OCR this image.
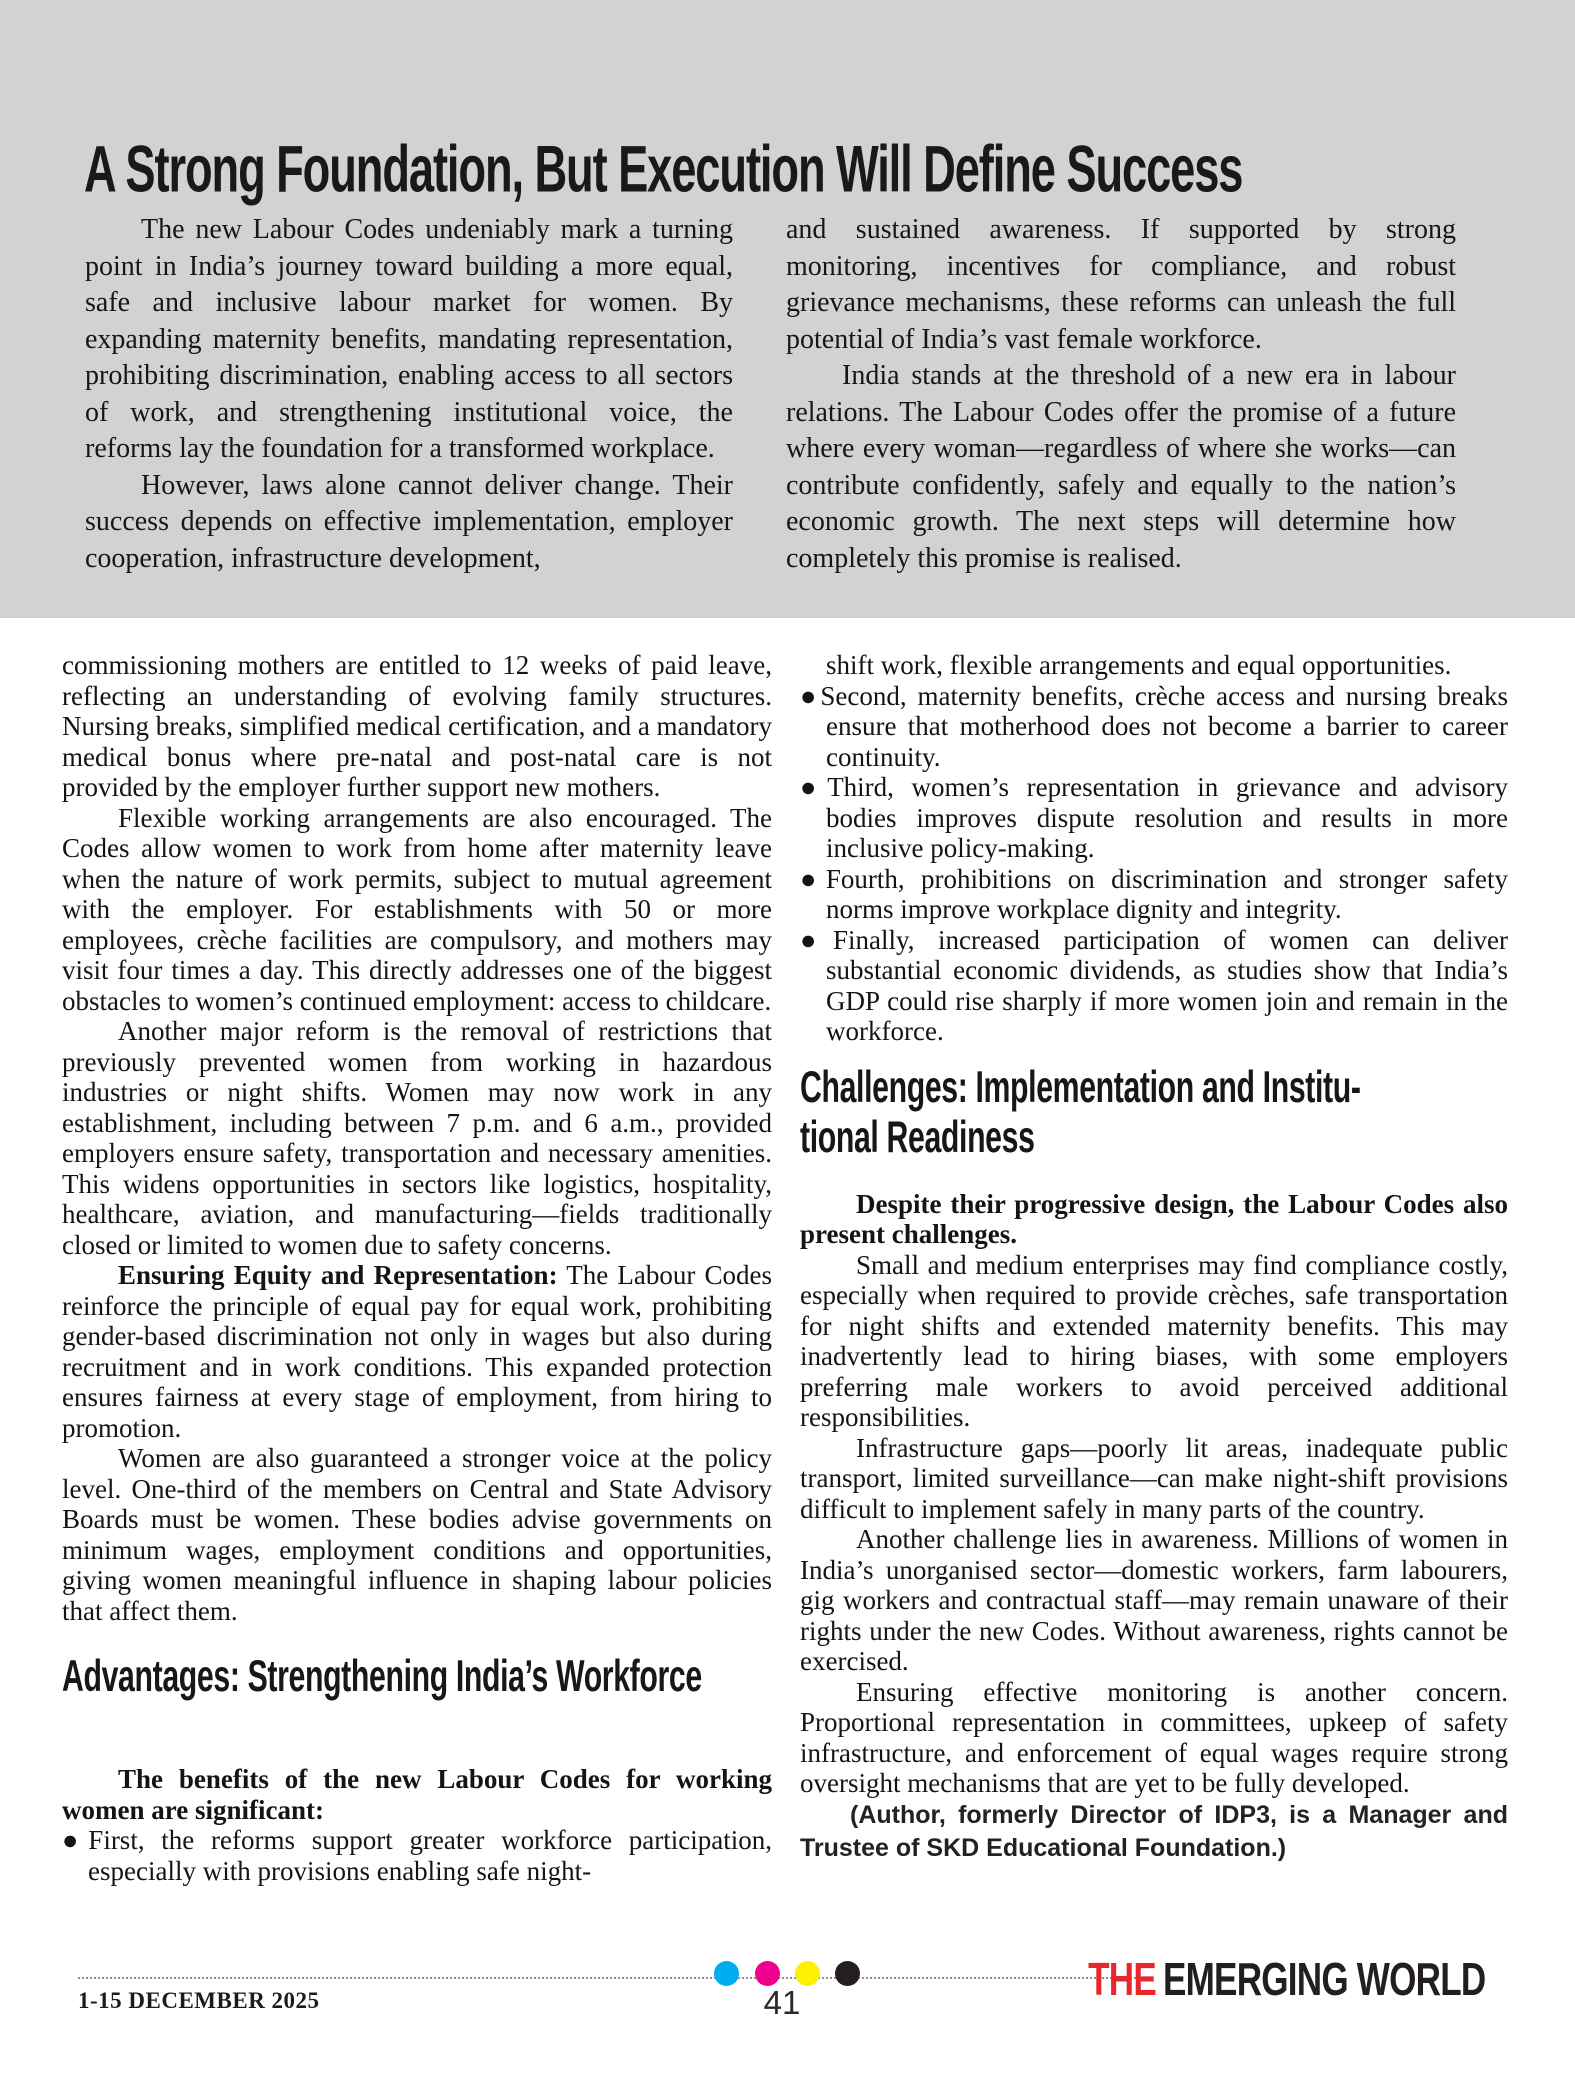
A Strong Foundation, But Execution Will Define Success

The new Labour Codes undeniably mark a turning point in India’s journey toward building a more equal, safe and inclusive labour market for women. By expanding maternity benefits, mandating representation, prohibiting discrimination, enabling access to all sectors of work, and strengthening institutional voice, the reforms lay the foundation for a transformed workplace.

However, laws alone cannot deliver change. Their success depends on effective implementation, employer cooperation, infrastructure development,

and sustained awareness. If supported by strong monitoring, incentives for compliance, and robust grievance mechanisms, these reforms can unleash the full potential of India’s vast female workforce.

India stands at the threshold of a new era in labour relations. The Labour Codes offer the promise of a future where every woman—regardless of where she works—can contribute confidently, safely and equally to the nation’s economic growth. The next steps will determine how completely this promise is realised.

commissioning mothers are entitled to 12 weeks of paid leave, reflecting an understanding of evolving family structures. Nursing breaks, simplified medical certification, and a mandatory medical bonus where pre-natal and post-natal care is not provided by the employer further support new mothers.

Flexible working arrangements are also encouraged. The Codes allow women to work from home after maternity leave when the nature of work permits, subject to mutual agreement with the employer. For establishments with 50 or more employees, crèche facilities are compulsory, and mothers may visit four times a day. This directly addresses one of the biggest obstacles to women’s continued employment: access to childcare.

Another major reform is the removal of restrictions that previously prevented women from working in hazardous industries or night shifts. Women may now work in any establishment, including between 7 p.m. and 6 a.m., provided employers ensure safety, transportation and necessary amenities. This widens opportunities in sectors like logistics, hospitality, healthcare, aviation, and manufacturing—fields traditionally closed or limited to women due to safety concerns.

Ensuring Equity and Representation: The Labour Codes reinforce the principle of equal pay for equal work, prohibiting gender-based discrimination not only in wages but also during recruitment and in work conditions. This expanded protection ensures fairness at every stage of employment, from hiring to promotion.

Women are also guaranteed a stronger voice at the policy level. One-third of the members on Central and State Advisory Boards must be women. These bodies advise governments on minimum wages, employment conditions and opportunities, giving women meaningful influence in shaping labour policies that affect them.

Advantages: Strengthening India’s Workforce

The benefits of the new Labour Codes for working women are significant:

●First, the reforms support greater workforce participation, especially with provisions enabling safe night-

shift work, flexible arrangements and equal opportunities.

●Second, maternity benefits, crèche access and nursing breaks ensure that motherhood does not become a barrier to career continuity.

●Third, women’s representation in grievance and advisory bodies improves dispute resolution and results in more inclusive policy-making.

●Fourth, prohibitions on discrimination and stronger safety norms improve workplace dignity and integrity.

●Finally, increased participation of women can deliver substantial economic dividends, as studies show that India’s GDP could rise sharply if more women join and remain in the workforce.

Challenges: Implementation and Institu-
tional Readiness

Despite their progressive design, the Labour Codes also present challenges.

Small and medium enterprises may find compliance costly, especially when required to provide crèches, safe transportation for night shifts and extended maternity benefits. This may inadvertently lead to hiring biases, with some employers preferring male workers to avoid perceived additional responsibilities.

Infrastructure gaps—poorly lit areas, inadequate public transport, limited surveillance—can make night-shift provisions difficult to implement safely in many parts of the country.

Another challenge lies in awareness. Millions of women in India’s unorganised sector—domestic workers, farm labourers, gig workers and contractual staff—may remain unaware of their rights under the new Codes. Without awareness, rights cannot be exercised.

Ensuring effective monitoring is another concern. Proportional representation in committees, upkeep of safety infrastructure, and enforcement of equal wages require strong oversight mechanisms that are yet to be fully developed.

(Author, formerly Director of IDP3, is a Manager and Trustee of SKD Educational Foundation.)

1-15 DECEMBER 2025	41	THE EMERGING WORLD
